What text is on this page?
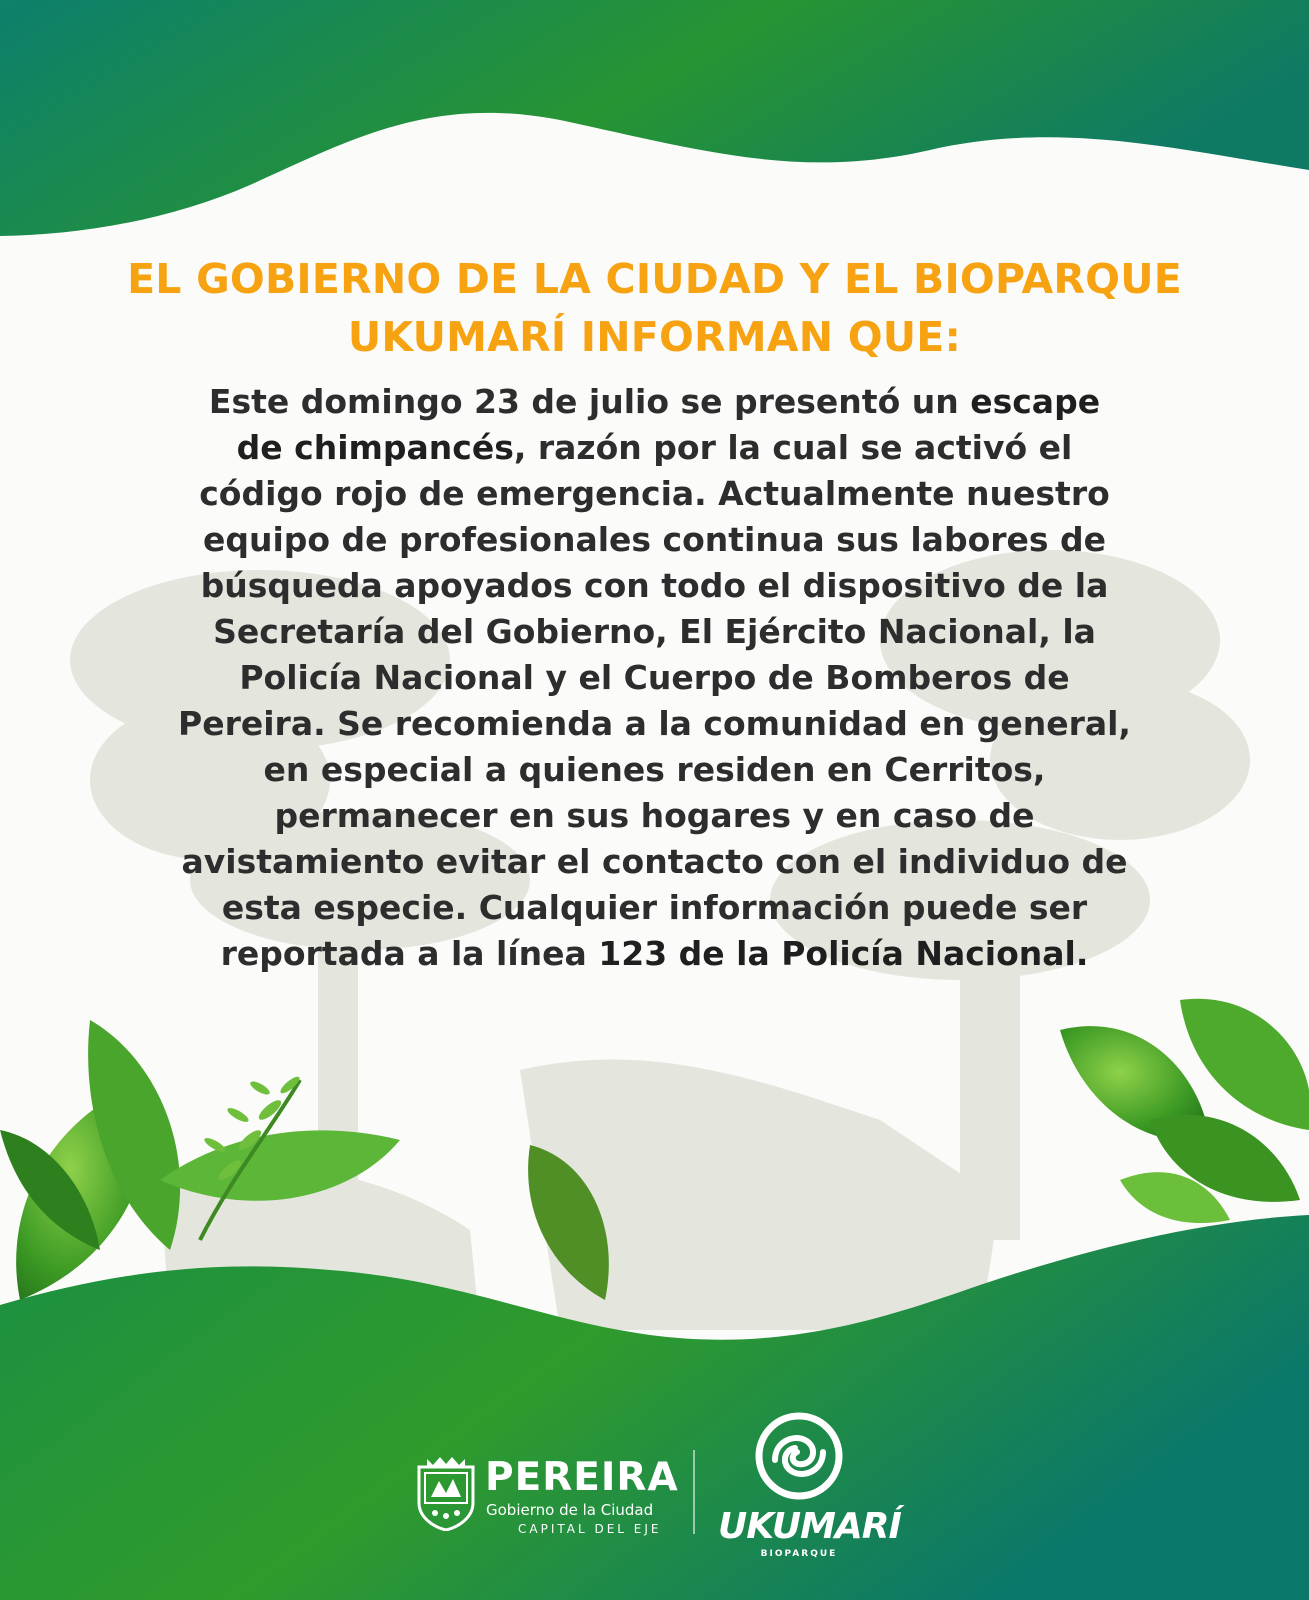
EL GOBIERNO DE LA CIUDAD Y EL BIOPARQUE
UKUMARÍ INFORMAN QUE:

Este domingo 23 de julio se presentó un escape
de chimpancés, razón por la cual se activó el
código rojo de emergencia. Actualmente nuestro
equipo de profesionales continua sus labores de
búsqueda apoyados con todo el dispositivo de la
Secretaría del Gobierno, El Ejército Nacional, la
Policía Nacional y el Cuerpo de Bomberos de
Pereira. Se recomienda a la comunidad en general,
en especial a quienes residen en Cerritos,
permanecer en sus hogares y en caso de
avistamiento evitar el contacto con el individuo de
esta especie. Cualquier información puede ser
reportada a la línea 123 de la Policía Nacional.

PEREIRA

Gobierno de la Ciudad

CAPITAL DEL EJE UKUMARÍ

BIOPARQUE
